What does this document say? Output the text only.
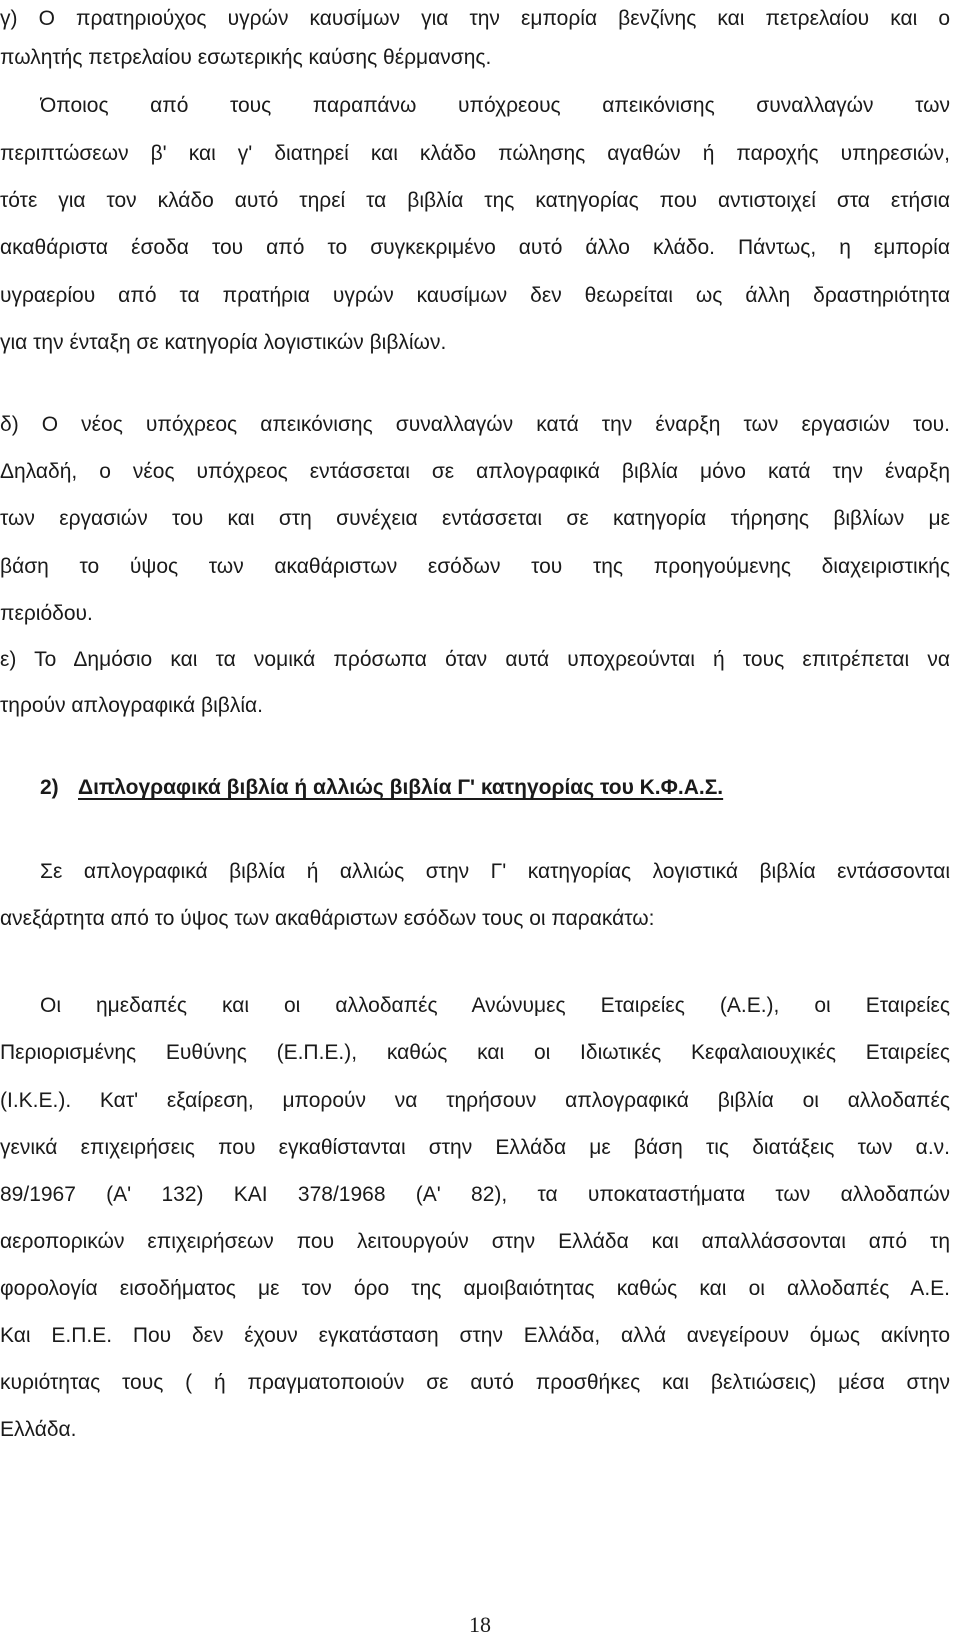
γ) Ο πρατηριούχος υγρών καυσίμων για την εμπορία βενζίνης και πετρελαίου και ο

πωλητής πετρελαίου εσωτερικής καύσης θέρμανσης.

Όποιος από τους παραπάνω υπόχρεους απεικόνισης συναλλαγών των

περιπτώσεων β' και γ' διατηρεί και κλάδο πώλησης αγαθών ή παροχής υπηρεσιών,

τότε για τον κλάδο αυτό τηρεί τα βιβλία της κατηγορίας που αντιστοιχεί στα ετήσια

ακαθάριστα έσοδα του από το συγκεκριμένο αυτό άλλο κλάδο. Πάντως, η εμπορία

υγραερίου από τα πρατήρια υγρών καυσίμων δεν θεωρείται ως άλλη δραστηριότητα

για την ένταξη σε κατηγορία λογιστικών βιβλίων.

δ) Ο νέος υπόχρεος απεικόνισης συναλλαγών κατά την έναρξη των εργασιών του.

Δηλαδή, ο νέος υπόχρεος εντάσσεται σε απλογραφικά βιβλία μόνο κατά την έναρξη

των εργασιών του και στη συνέχεια εντάσσεται σε κατηγορία τήρησης βιβλίων με

βάση το ύψος των ακαθάριστων εσόδων του της προηγούμενης διαχειριστικής

περιόδου.

ε) Το Δημόσιο και τα νομικά πρόσωπα όταν αυτά υποχρεούνται ή τους επιτρέπεται να

τηρούν απλογραφικά βιβλία.

2) Διπλογραφικά βιβλία ή αλλιώς βιβλία Γ' κατηγορίας του Κ.Φ.Α.Σ.

Σε απλογραφικά βιβλία ή αλλιώς στην Γ' κατηγορίας λογιστικά βιβλία εντάσσονται

ανεξάρτητα από το ύψος των ακαθάριστων εσόδων τους οι παρακάτω:

Οι ημεδαπές και οι αλλοδαπές Ανώνυμες Εταιρείες (Α.Ε.), οι Εταιρείες

Περιορισμένης Ευθύνης (Ε.Π.Ε.), καθώς και οι Ιδιωτικές Κεφαλαιουχικές Εταιρείες

(Ι.Κ.Ε.). Κατ' εξαίρεση, μπορούν να τηρήσουν απλογραφικά βιβλία οι αλλοδαπές

γενικά επιχειρήσεις που εγκαθίστανται στην Ελλάδα με βάση τις διατάξεις των α.ν.

89/1967 (Α' 132) ΚΑΙ 378/1968 (Α' 82), τα υποκαταστήματα των αλλοδαπών

αεροπορικών επιχειρήσεων που λειτουργούν στην Ελλάδα και απαλλάσσονται από τη

φορολογία εισοδήματος με τον όρο της αμοιβαιότητας καθώς και οι αλλοδαπές Α.Ε.

Και Ε.Π.Ε. Που δεν έχουν εγκατάσταση στην Ελλάδα, αλλά ανεγείρουν όμως ακίνητο

κυριότητας τους ( ή πραγματοποιούν σε αυτό προσθήκες και βελτιώσεις) μέσα στην

Ελλάδα.

18
